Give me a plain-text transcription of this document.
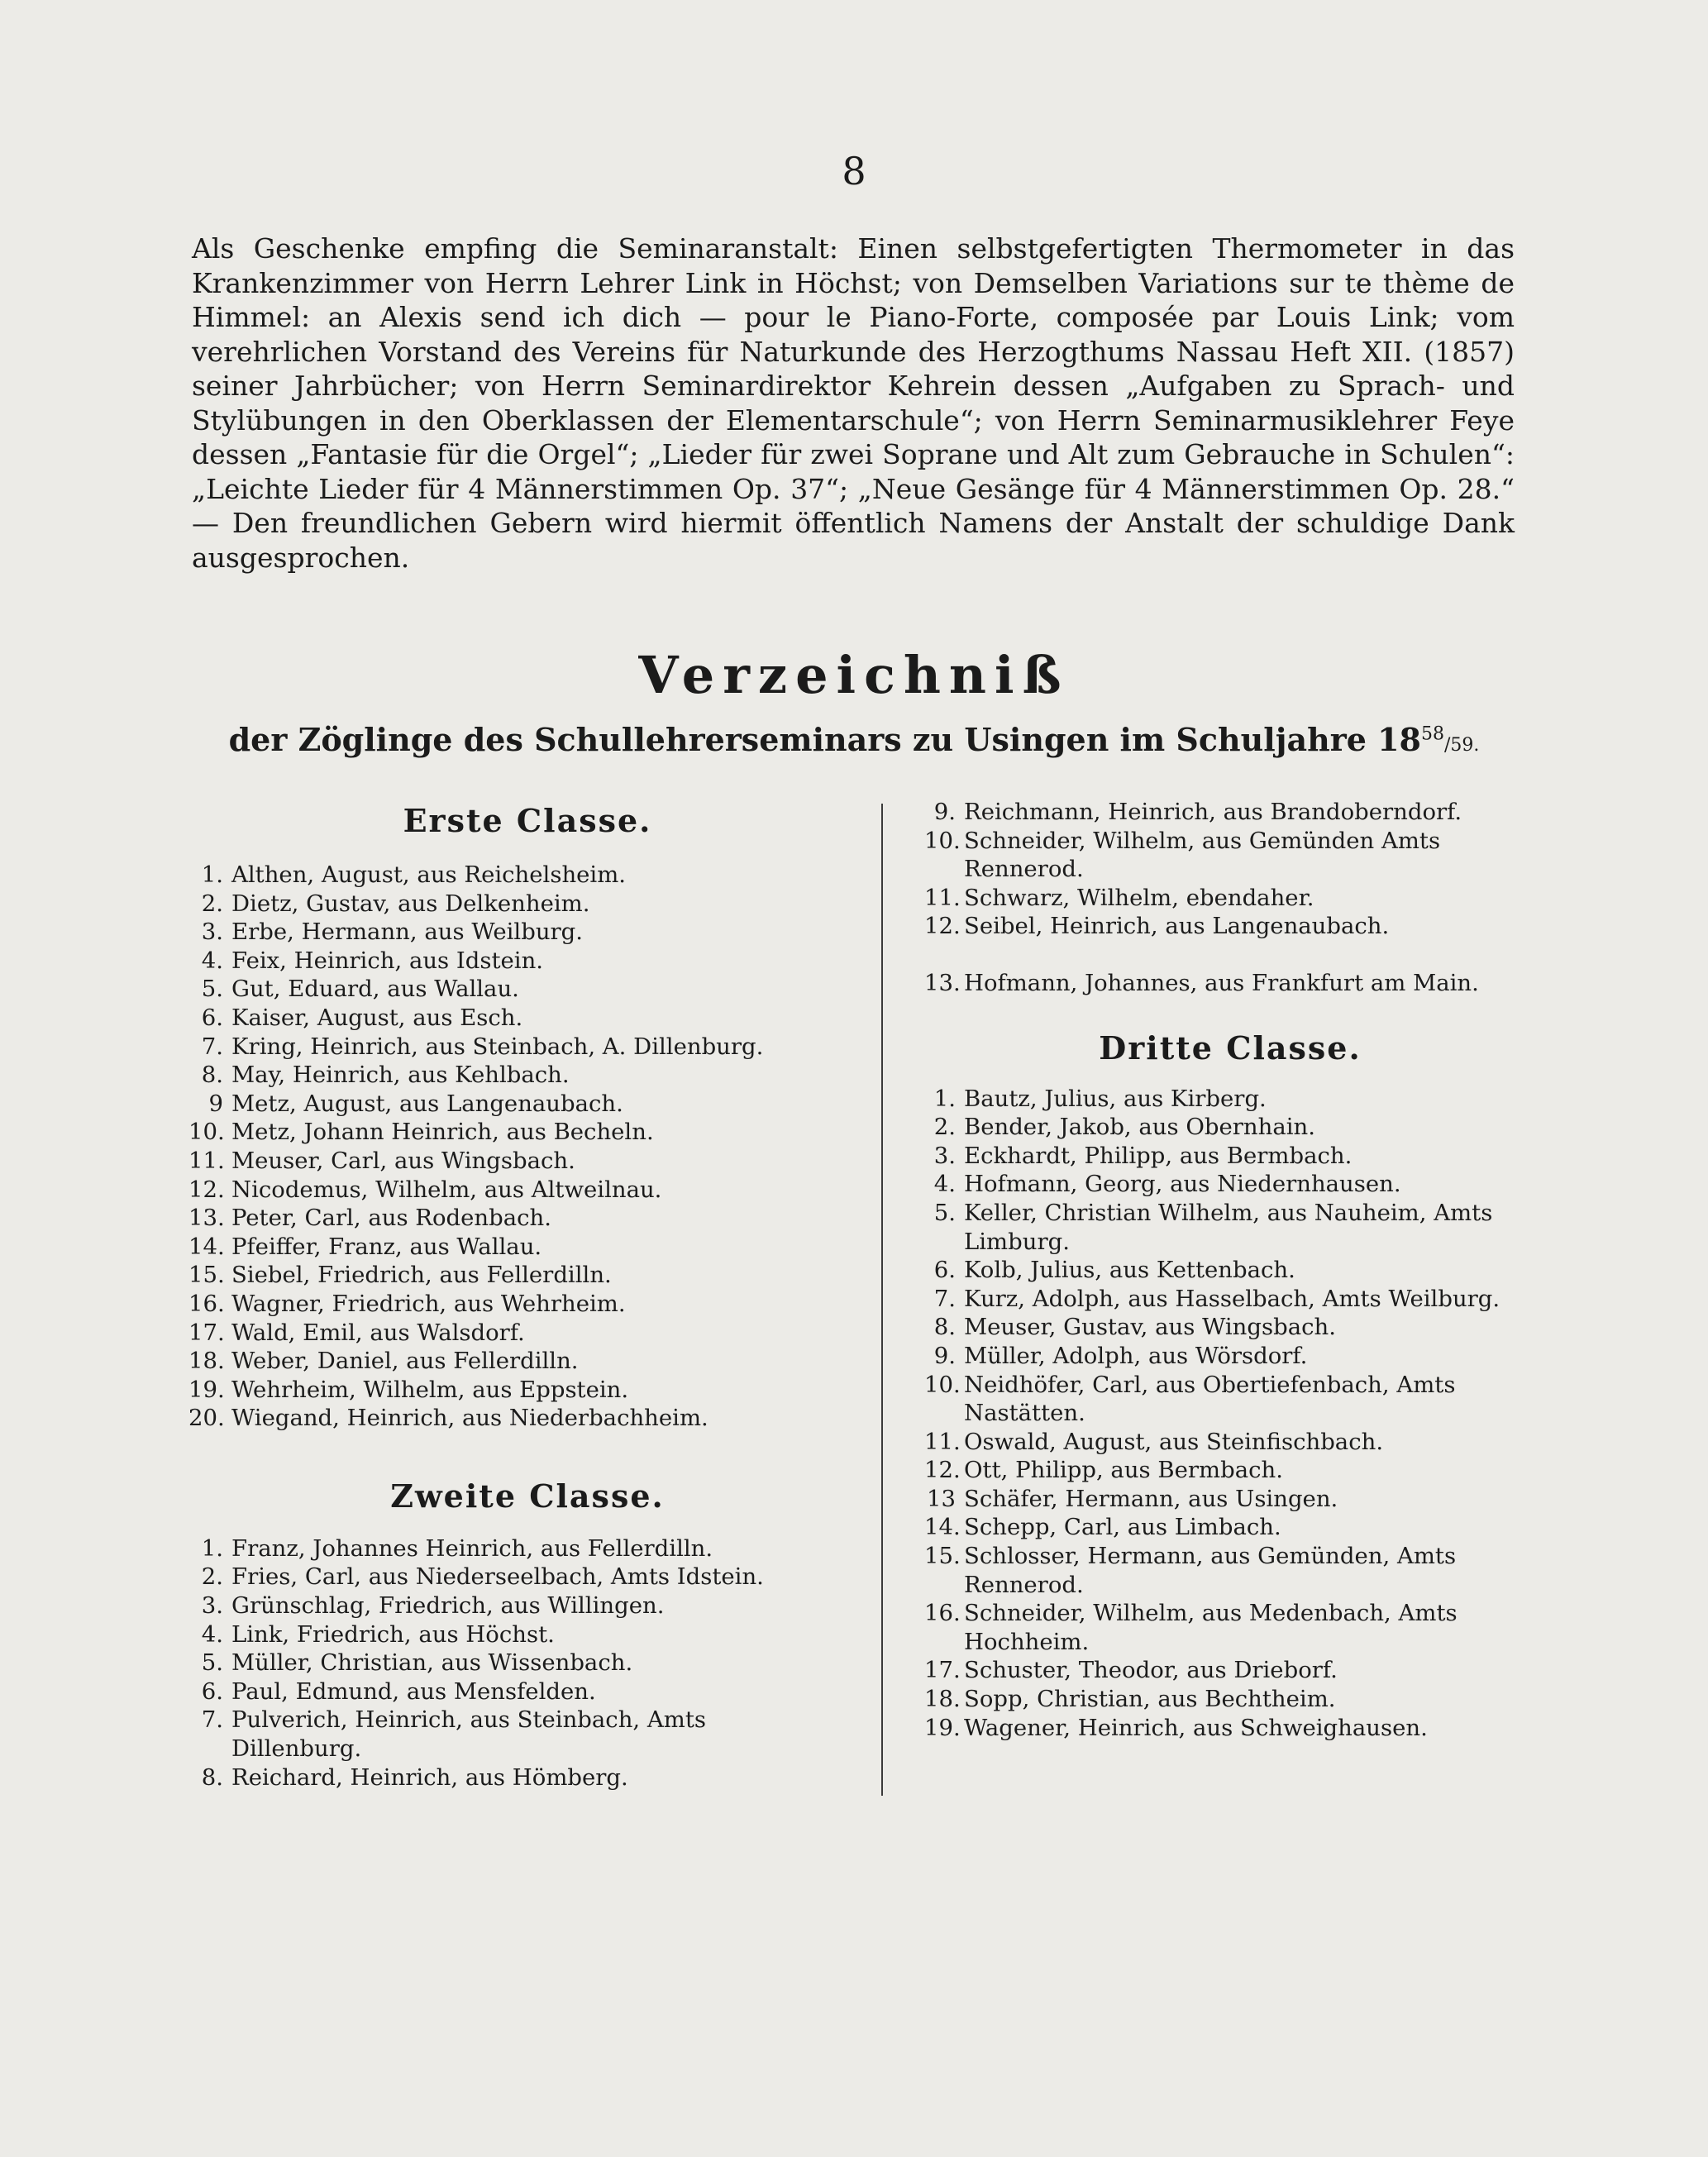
8

Als Geschenke empfing die Seminaranstalt: Einen selbstgefertigten Thermometer in das Krankenzimmer von Herrn Lehrer Link in Höchst; von Demselben Variations sur te thème de Himmel: an Alexis send ich dich — pour le Piano-Forte, composée par Louis Link; vom verehrlichen Vorstand des Vereins für Naturkunde des Herzogthums Nassau Heft XII. (1857) seiner Jahrbücher; von Herrn Seminardirektor Kehrein dessen „Aufgaben zu Sprach- und Stylübungen in den Oberklassen der Elementarschule“; von Herrn Seminarmusiklehrer Feye dessen „Fantasie für die Orgel“; „Lieder für zwei Soprane und Alt zum Gebrauche in Schulen“: „Leichte Lieder für 4 Männerstimmen Op. 37“; „Neue Gesänge für 4 Männerstimmen Op. 28.“ — Den freundlichen Gebern wird hiermit öffentlich Namens der Anstalt der schuldige Dank ausgesprochen.

Verzeichniß
der Zöglinge des Schullehrerseminars zu Usingen im Schuljahre $18^{58}/59$.
Erste Classe.
1. Althen, August, aus Reichelsheim.
2. Dietz, Gustav, aus Delkenheim.
3. Erbe, Hermann, aus Weilburg.
4. Feix, Heinrich, aus Idstein.
5. Gut, Eduard, aus Wallau.
6. Kaiser, August, aus Esch.
7. Kring, Heinrich, aus Steinbach, A. Dillenburg.
8. May, Heinrich, aus Kehlbach.
9 Metz, August, aus Langenaubach.
10. Metz, Johann Heinrich, aus Becheln.
11. Meuser, Carl, aus Wingsbach.
12. Nicodemus, Wilhelm, aus Altweilnau.
13. Peter, Carl, aus Rodenbach.
14. Pfeiffer, Franz, aus Wallau.
15. Siebel, Friedrich, aus Fellerdilln.
16. Wagner, Friedrich, aus Wehrheim.
17. Wald, Emil, aus Walsdorf.
18. Weber, Daniel, aus Fellerdilln.
19. Wehrheim, Wilhelm, aus Eppstein.
20. Wiegand, Heinrich, aus Niederbachheim.
Zweite Classe.
1. Franz, Johannes Heinrich, aus Fellerdilln.
2. Fries, Carl, aus Niederseelbach, Amts Idstein.
3. Grünschlag, Friedrich, aus Willingen.
4. Link, Friedrich, aus Höchst.
5. Müller, Christian, aus Wissenbach.
6. Paul, Edmund, aus Mensfelden.
7. Pulverich, Heinrich, aus Steinbach, Amts Dillenburg.
8. Reichard, Heinrich, aus Hömberg.
9. Reichmann, Heinrich, aus Brandoberndorf.
10. Schneider, Wilhelm, aus Gemünden Amts Rennerod.
11. Schwarz, Wilhelm, ebendaher.
12. Seibel, Heinrich, aus Langenaubach.
13. Hofmann, Johannes, aus Frankfurt am Main.
Dritte Classe.
1. Bautz, Julius, aus Kirberg.
2. Bender, Jakob, aus Obernhain.
3. Eckhardt, Philipp, aus Bermbach.
4. Hofmann, Georg, aus Niedernhausen.
5. Keller, Christian Wilhelm, aus Nauheim, Amts Limburg.
6. Kolb, Julius, aus Kettenbach.
7. Kurz, Adolph, aus Hasselbach, Amts Weilburg.
8. Meuser, Gustav, aus Wingsbach.
9. Müller, Adolph, aus Wörsdorf.
10. Neidhöfer, Carl, aus Obertiefenbach, Amts Nastätten.
11. Oswald, August, aus Steinfischbach.
12. Ott, Philipp, aus Bermbach.
13 Schäfer, Hermann, aus Usingen.
14. Schepp, Carl, aus Limbach.
15. Schlosser, Hermann, aus Gemünden, Amts Rennerod.
16. Schneider, Wilhelm, aus Medenbach, Amts Hochheim.
17. Schuster, Theodor, aus Drieborf.
18. Sopp, Christian, aus Bechtheim.
19. Wagener, Heinrich, aus Schweighausen.
